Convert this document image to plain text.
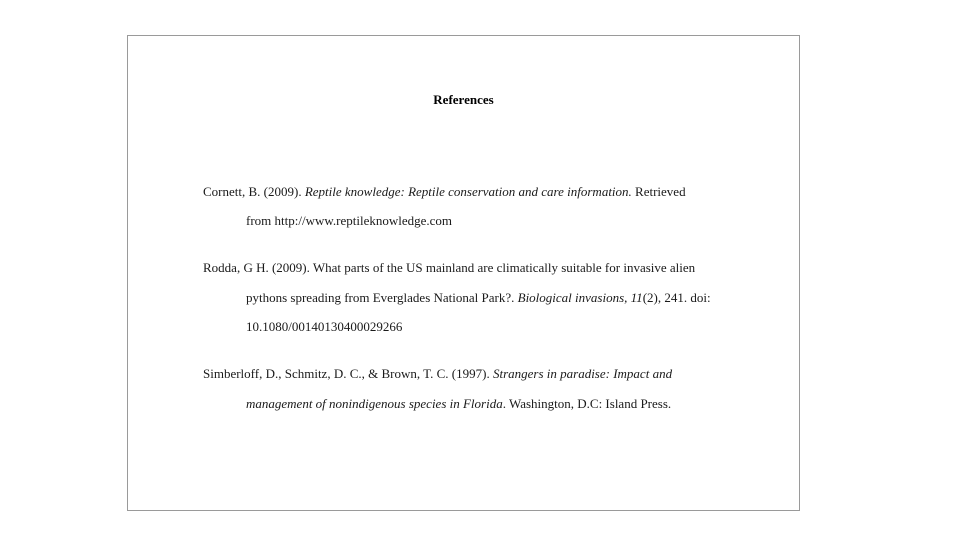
References
Cornett, B. (2009). Reptile knowledge: Reptile conservation and care information. Retrieved
from http://www.reptileknowledge.com
Rodda, G H. (2009). What parts of the US mainland are climatically suitable for invasive alien
pythons spreading from Everglades National Park?. Biological invasions, 11(2), 241. doi:
10.1080/00140130400029266
Simberloff, D., Schmitz, D. C., & Brown, T. C. (1997). Strangers in paradise: Impact and
management of nonindigenous species in Florida. Washington, D.C: Island Press.
